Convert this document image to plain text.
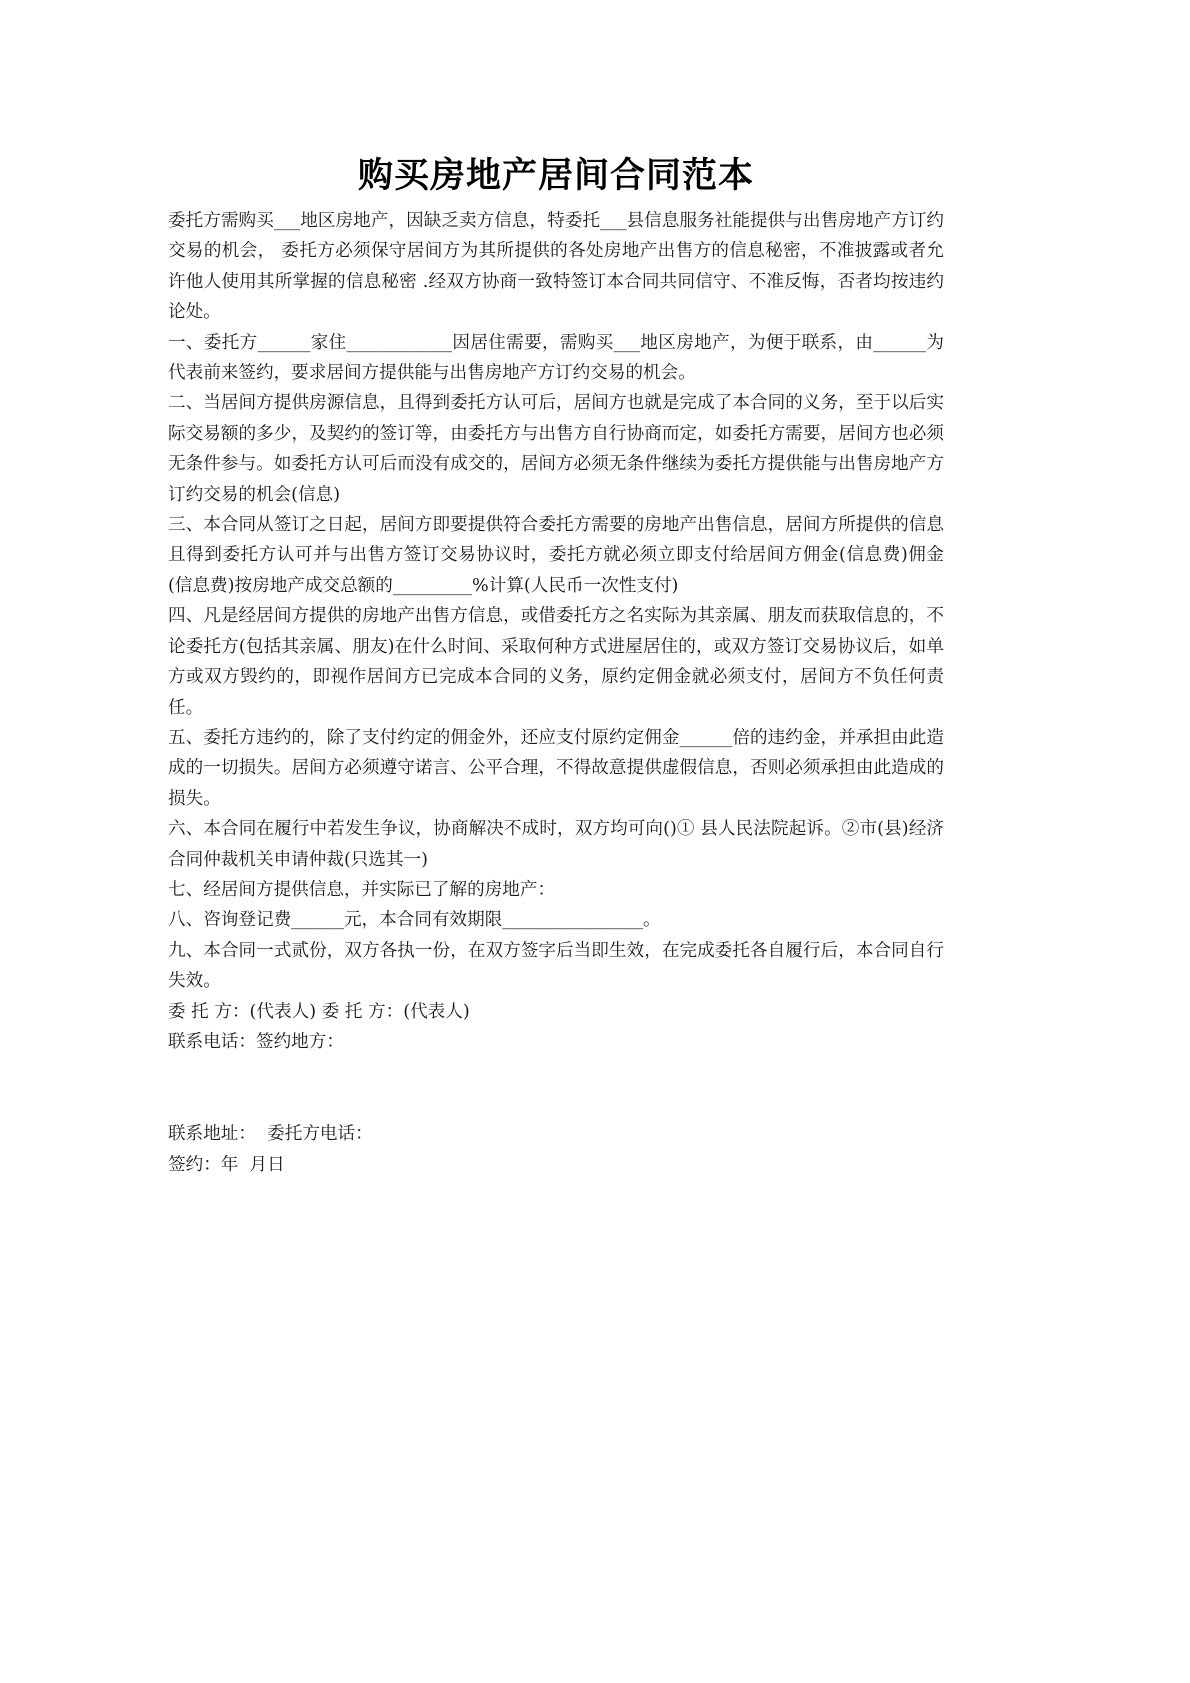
购买房地产居间合同范本

委托方需购买___地区房地产，因缺乏卖方信息，特委托___县信息服务社能提供与出售房地产方订约交易的机会， 委托方必须保守居间方为其所提供的各处房地产出售方的信息秘密，不准披露或者允许他人使用其所掌握的信息秘密 .经双方协商一致特签订本合同共同信守、不准反悔，否者均按违约论处。

一、委托方______家住____________因居住需要，需购买___地区房地产，为便于联系，由______为代表前来签约，要求居间方提供能与出售房地产方订约交易的机会。

二、当居间方提供房源信息，且得到委托方认可后，居间方也就是完成了本合同的义务，至于以后实际交易额的多少，及契约的签订等，由委托方与出售方自行协商而定，如委托方需要，居间方也必须无条件参与。如委托方认可后而没有成交的，居间方必须无条件继续为委托方提供能与出售房地产方订约交易的机会(信息)

三、本合同从签订之日起，居间方即要提供符合委托方需要的房地产出售信息，居间方所提供的信息且得到委托方认可并与出售方签订交易协议时，委托方就必须立即支付给居间方佣金(信息费)佣金(信息费)按房地产成交总额的_________%计算(人民币一次性支付)

四、凡是经居间方提供的房地产出售方信息，或借委托方之名实际为其亲属、朋友而获取信息的，不论委托方(包括其亲属、朋友)在什么时间、采取何种方式进屋居住的，或双方签订交易协议后，如单方或双方毁约的，即视作居间方已完成本合同的义务，原约定佣金就必须支付，居间方不负任何责任。

五、委托方违约的，除了支付约定的佣金外，还应支付原约定佣金______倍的违约金，并承担由此造成的一切损失。居间方必须遵守诺言、公平合理，不得故意提供虚假信息，否则必须承担由此造成的损失。

六、本合同在履行中若发生争议，协商解决不成时，双方均可向()① 县人民法院起诉。②市(县)经济合同仲裁机关申请仲裁(只选其一)

七、经居间方提供信息，并实际已了解的房地产：

八、咨询登记费______元，本合同有效期限________________。

九、本合同一式贰份，双方各执一份，在双方签字后当即生效，在完成委托各自履行后，本合同自行失效。

委 托 方：(代表人) 委 托 方：(代表人)

联系电话：签约地方：

联系地址：  委托方电话：

签约：年  月日
